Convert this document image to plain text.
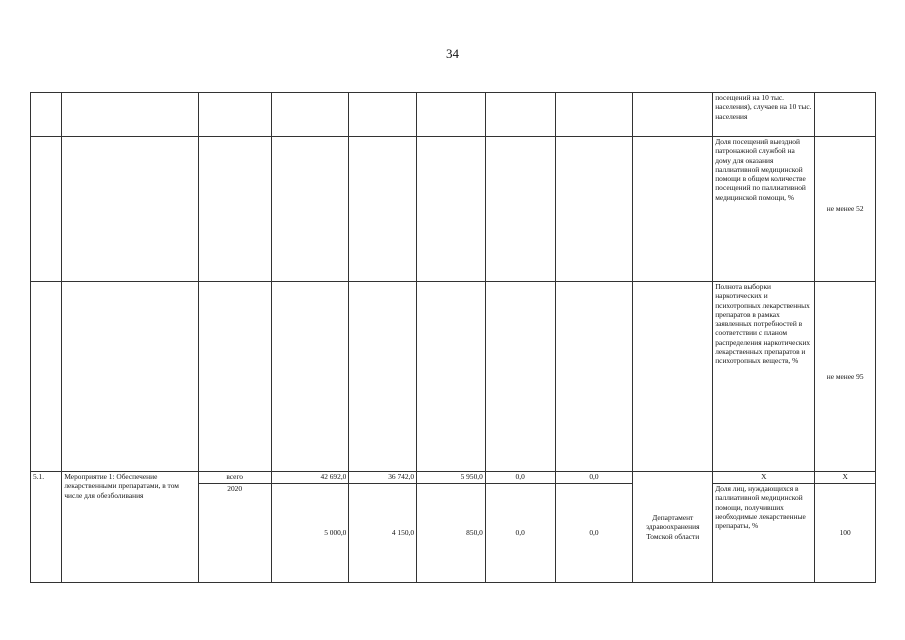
34
									посещений на 10 тыс. населения), случаев на 10 тыс. населения	
									Доля посещений выездной патронажной службой на дому для оказания паллиативной медицинской помощи в общем количестве посещений по паллиативной медицинской помощи, %	не менее 52
									Полнота выборки наркотических и психотропных лекарственных препаратов в рамках заявленных потребностей в соответствии с планом распределения наркотических лекарственных препаратов и психотропных веществ, %	не менее 95
5.1.	Мероприятие 1: Обеспечение лекарственными препаратами, в том числе для обезболивания	всего	42 692,0	36 742,0	5 950,0	0,0	0,0	Департамент здравоохранения Томской области	X	X
		2020	5 000,0	4 150,0	850,0	0,0	0,0		Доля лиц, нуждающихся в паллиативной медицинской помощи, получивших необходимые лекарственные препараты, %	100
